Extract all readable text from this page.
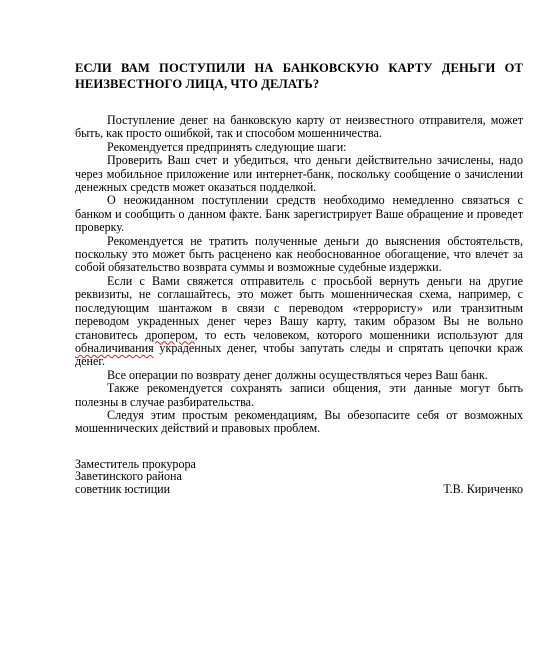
ЕСЛИ ВАМ ПОСТУПИЛИ НА БАНКОВСКУЮ КАРТУ ДЕНЬГИ ОТ НЕИЗВЕСТНОГО ЛИЦА, ЧТО ДЕЛАТЬ?

Поступление денег на банковскую карту от неизвестного отправителя, может быть, как просто ошибкой, так и способом мошенничества.

Рекомендуется предпринять следующие шаги:

Проверить Ваш счет и убедиться, что деньги действительно зачислены, надо через мобильное приложение или интернет-банк, поскольку сообщение о зачислении денежных средств может оказаться подделкой.

О неожиданном поступлении средств необходимо немедленно связаться с банком и сообщить о данном факте. Банк зарегистрирует Ваше обращение и проведет проверку.

Рекомендуется не тратить полученные деньги до выяснения обстоятельств, поскольку это может быть расценено как необоснованное обогащение, что влечет за собой обязательство возврата суммы и возможные судебные издержки.

Если с Вами свяжется отправитель с просьбой вернуть деньги на другие реквизиты, не соглашайтесь, это может быть мошенническая схема, например, с последующим шантажом в связи с переводом «террористу» или транзитным переводом украденных денег через Вашу карту, таким образом Вы не вольно становитесь дропером, то есть человеком, которого мошенники используют для обналичивания украденных денег, чтобы запутать следы и спрятать цепочки краж денег.

Все операции по возврату денег должны осуществляться через Ваш банк.

Также рекомендуется сохранять записи общения, эти данные могут быть полезны в случае разбирательства.

Следуя этим простым рекомендациям, Вы обезопасите себя от возможных мошеннических действий и правовых проблем.

Заместитель прокурора
Заветинского района
советник юстиции	Т.В. Кириченко
